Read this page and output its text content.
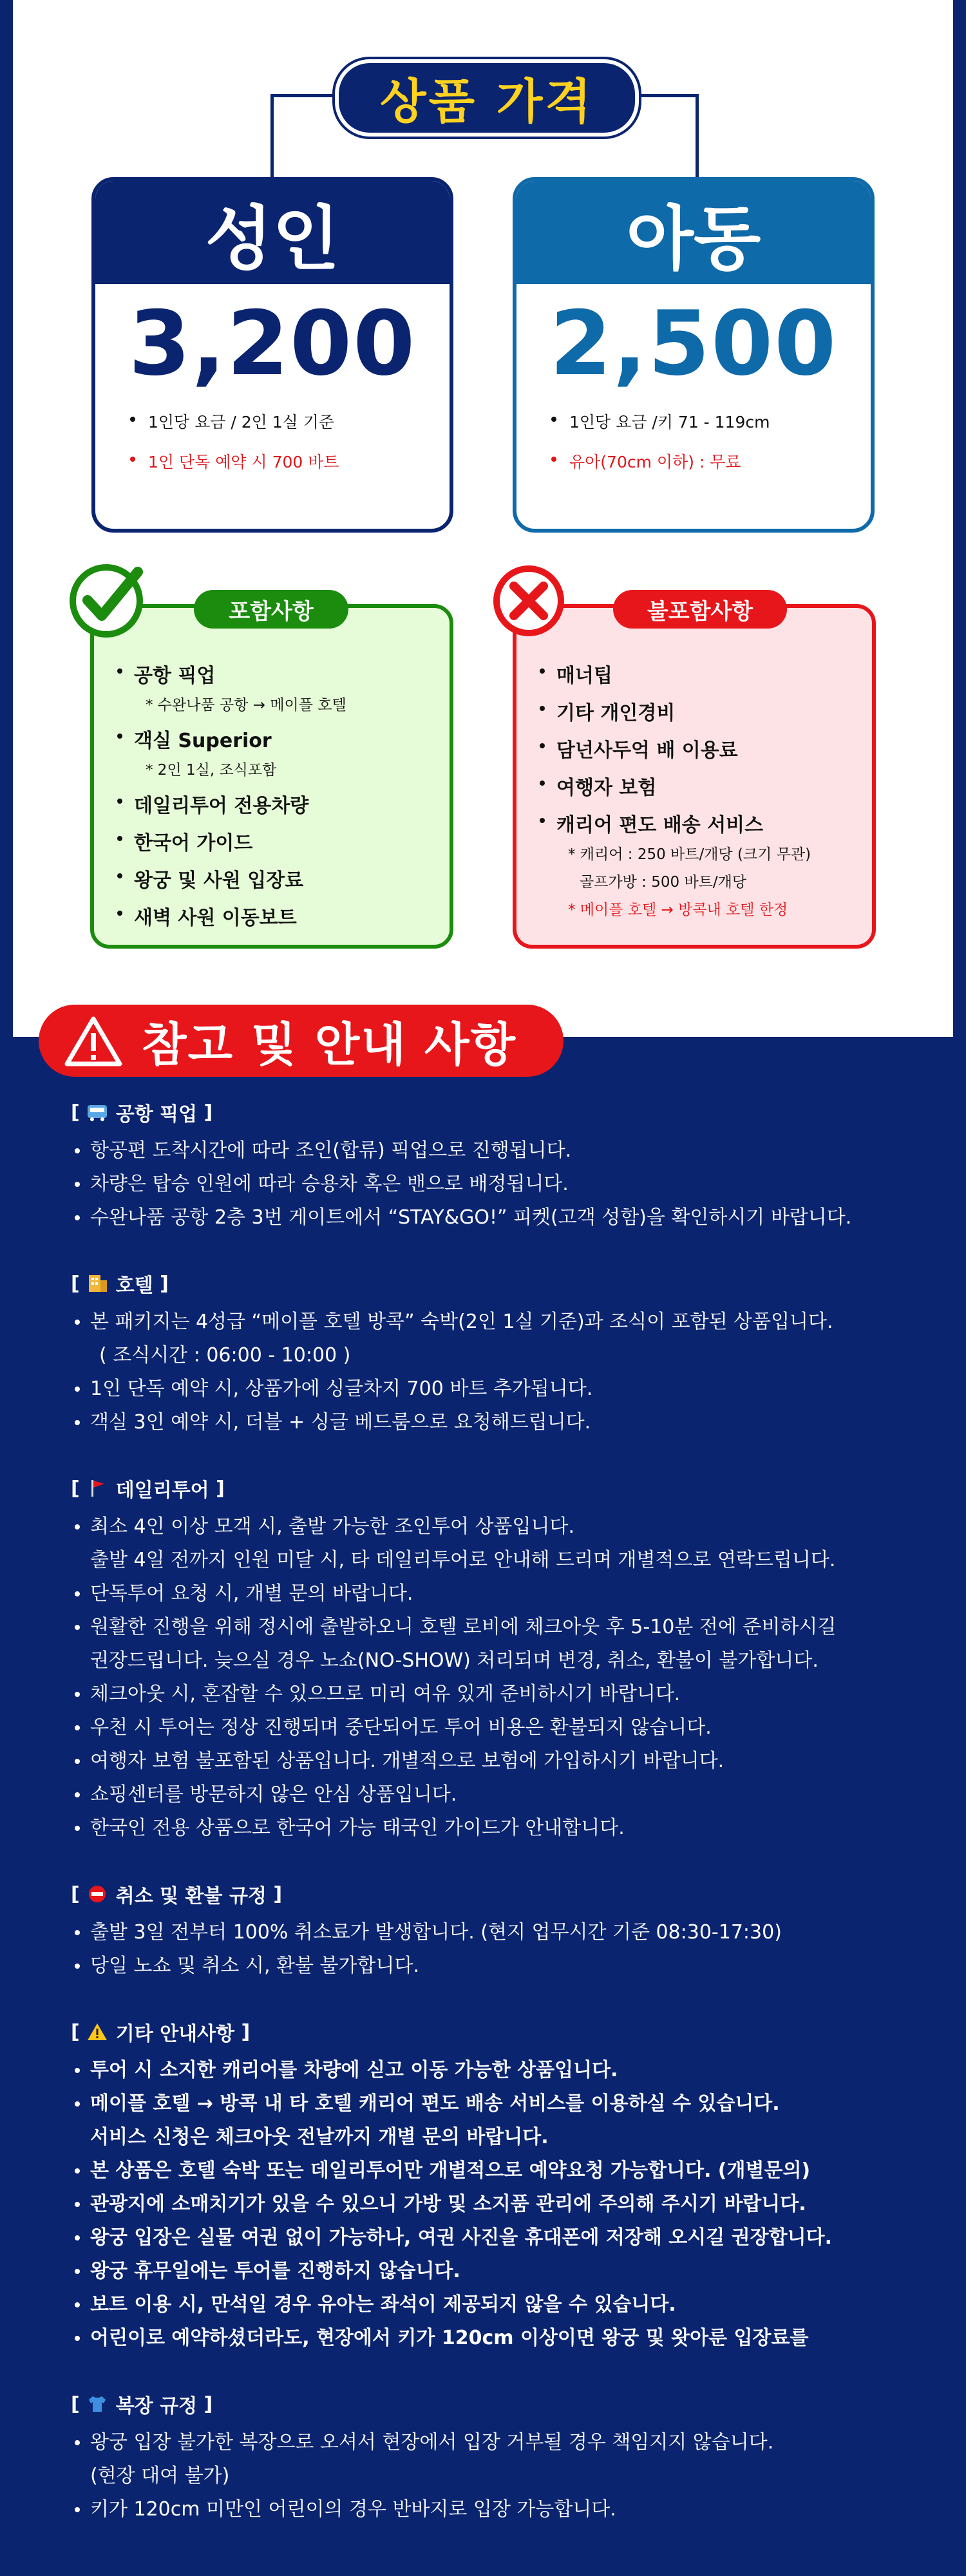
상품 가격
성인
3,200
1인당 요금 / 2인 1실 기준
1인 단독 예약 시 700 바트
아동
2,500
1인당 요금 /키 71 - 119cm
유아(70cm 이하) : 무료
포함사항
공항 픽업
* 수완나품 공항 → 메이플 호텔
객실 Superior
* 2인 1실, 조식포함
데일리투어 전용차량
한국어 가이드
왕궁 및 사원 입장료
새벽 사원 이동보트
불포함사항
매너팁
기타 개인경비
담넌사두억 배 이용료
여행자 보험
캐리어 편도 배송 서비스
* 캐리어 : 250 바트/개당 (크기 무관)
골프가방 : 500 바트/개당
* 메이플 호텔 → 방콕내 호텔 한정
참고 및 안내 사항
[ 공항 픽업 ]
항공편 도착시간에 따라 조인(합류) 픽업으로 진행됩니다.
차량은 탑승 인원에 따라 승용차 혹은 밴으로 배정됩니다.
수완나품 공항 2층 3번 게이트에서 “STAY&GO!” 피켓(고객 성함)을 확인하시기 바랍니다.
[ 호텔 ]
본 패키지는 4성급 “메이플 호텔 방콕” 숙박(2인 1실 기준)과 조식이 포함된 상품입니다.
( 조식시간 : 06:00 - 10:00 )
1인 단독 예약 시, 상품가에 싱글차지 700 바트 추가됩니다.
객실 3인 예약 시, 더블 + 싱글 베드룸으로 요청해드립니다.
[ 데일리투어 ]
최소 4인 이상 모객 시, 출발 가능한 조인투어 상품입니다.
출발 4일 전까지 인원 미달 시, 타 데일리투어로 안내해 드리며 개별적으로 연락드립니다.
단독투어 요청 시, 개별 문의 바랍니다.
원활한 진행을 위해 정시에 출발하오니 호텔 로비에 체크아웃 후 5-10분 전에 준비하시길
권장드립니다. 늦으실 경우 노쇼(NO-SHOW) 처리되며 변경, 취소, 환불이 불가합니다.
체크아웃 시, 혼잡할 수 있으므로 미리 여유 있게 준비하시기 바랍니다.
우천 시 투어는 정상 진행되며 중단되어도 투어 비용은 환불되지 않습니다.
여행자 보험 불포함된 상품입니다. 개별적으로 보험에 가입하시기 바랍니다.
쇼핑센터를 방문하지 않은 안심 상품입니다.
한국인 전용 상품으로 한국어 가능 태국인 가이드가 안내합니다.
[ 취소 및 환불 규정 ]
출발 3일 전부터 100% 취소료가 발생합니다. (현지 업무시간 기준 08:30-17:30)
당일 노쇼 및 취소 시, 환불 불가합니다.
[ 기타 안내사항 ]
투어 시 소지한 캐리어를 차량에 싣고 이동 가능한 상품입니다.
메이플 호텔 → 방콕 내 타 호텔 캐리어 편도 배송 서비스를 이용하실 수 있습니다.
서비스 신청은 체크아웃 전날까지 개별 문의 바랍니다.
본 상품은 호텔 숙박 또는 데일리투어만 개별적으로 예약요청 가능합니다. (개별문의)
관광지에 소매치기가 있을 수 있으니 가방 및 소지품 관리에 주의해 주시기 바랍니다.
왕궁 입장은 실물 여권 없이 가능하나, 여권 사진을 휴대폰에 저장해 오시길 권장합니다.
왕궁 휴무일에는 투어를 진행하지 않습니다.
보트 이용 시, 만석일 경우 유아는 좌석이 제공되지 않을 수 있습니다.
어린이로 예약하셨더라도, 현장에서 키가 120cm 이상이면 왕궁 및 왓아룬 입장료를
[ 복장 규정 ]
왕궁 입장 불가한 복장으로 오셔서 현장에서 입장 거부될 경우 책임지지 않습니다.
(현장 대여 불가)
키가 120cm 미만인 어린이의 경우 반바지로 입장 가능합니다.
